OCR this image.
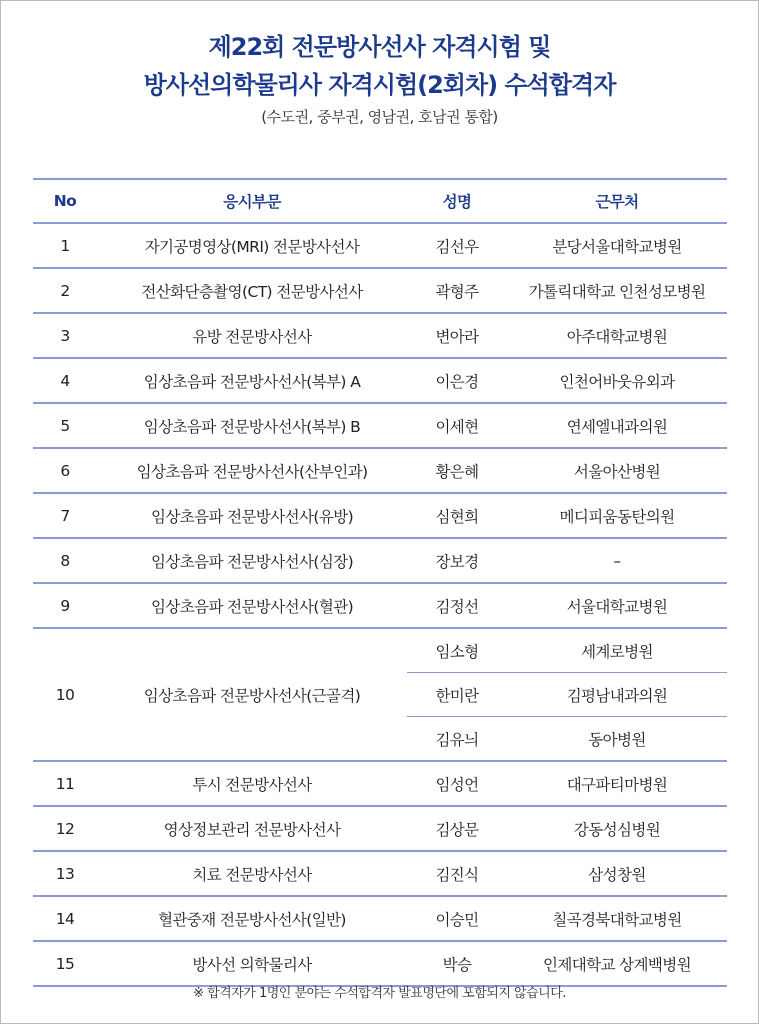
제22회 전문방사선사 자격시험 및
방사선의학물리사 자격시험(2회차) 수석합격자
(수도권, 중부권, 영남권, 호남권 통합)
No	응시부문	성명	근무처
1	자기공명영상(MRI) 전문방사선사	김선우	분당서울대학교병원
2	전산화단층촬영(CT) 전문방사선사	곽형주	가톨릭대학교 인천성모병원
3	유방 전문방사선사	변아라	아주대학교병원
4	임상초음파 전문방사선사(복부) A	이은경	인천어바웃유외과
5	임상초음파 전문방사선사(복부) B	이세현	연세엘내과의원
6	임상초음파 전문방사선사(산부인과)	황은혜	서울아산병원
7	임상초음파 전문방사선사(유방)	심현희	메디피움동탄의원
8	임상초음파 전문방사선사(심장)	장보경	–
9	임상초음파 전문방사선사(혈관)	김정선	서울대학교병원
10	임상초음파 전문방사선사(근골격)	임소형	세계로병원
		한미란	김평남내과의원
		김유늬	동아병원
11	투시 전문방사선사	임성언	대구파티마병원
12	영상정보관리 전문방사선사	김상문	강동성심병원
13	치료 전문방사선사	김진식	삼성창원
14	혈관중재 전문방사선사(일반)	이승민	칠곡경북대학교병원
15	방사선 의학물리사	박승	인제대학교 상계백병원
※ 합격자가 1명인 분야는 수석합격자 발표명단에 포함되지 않습니다.
